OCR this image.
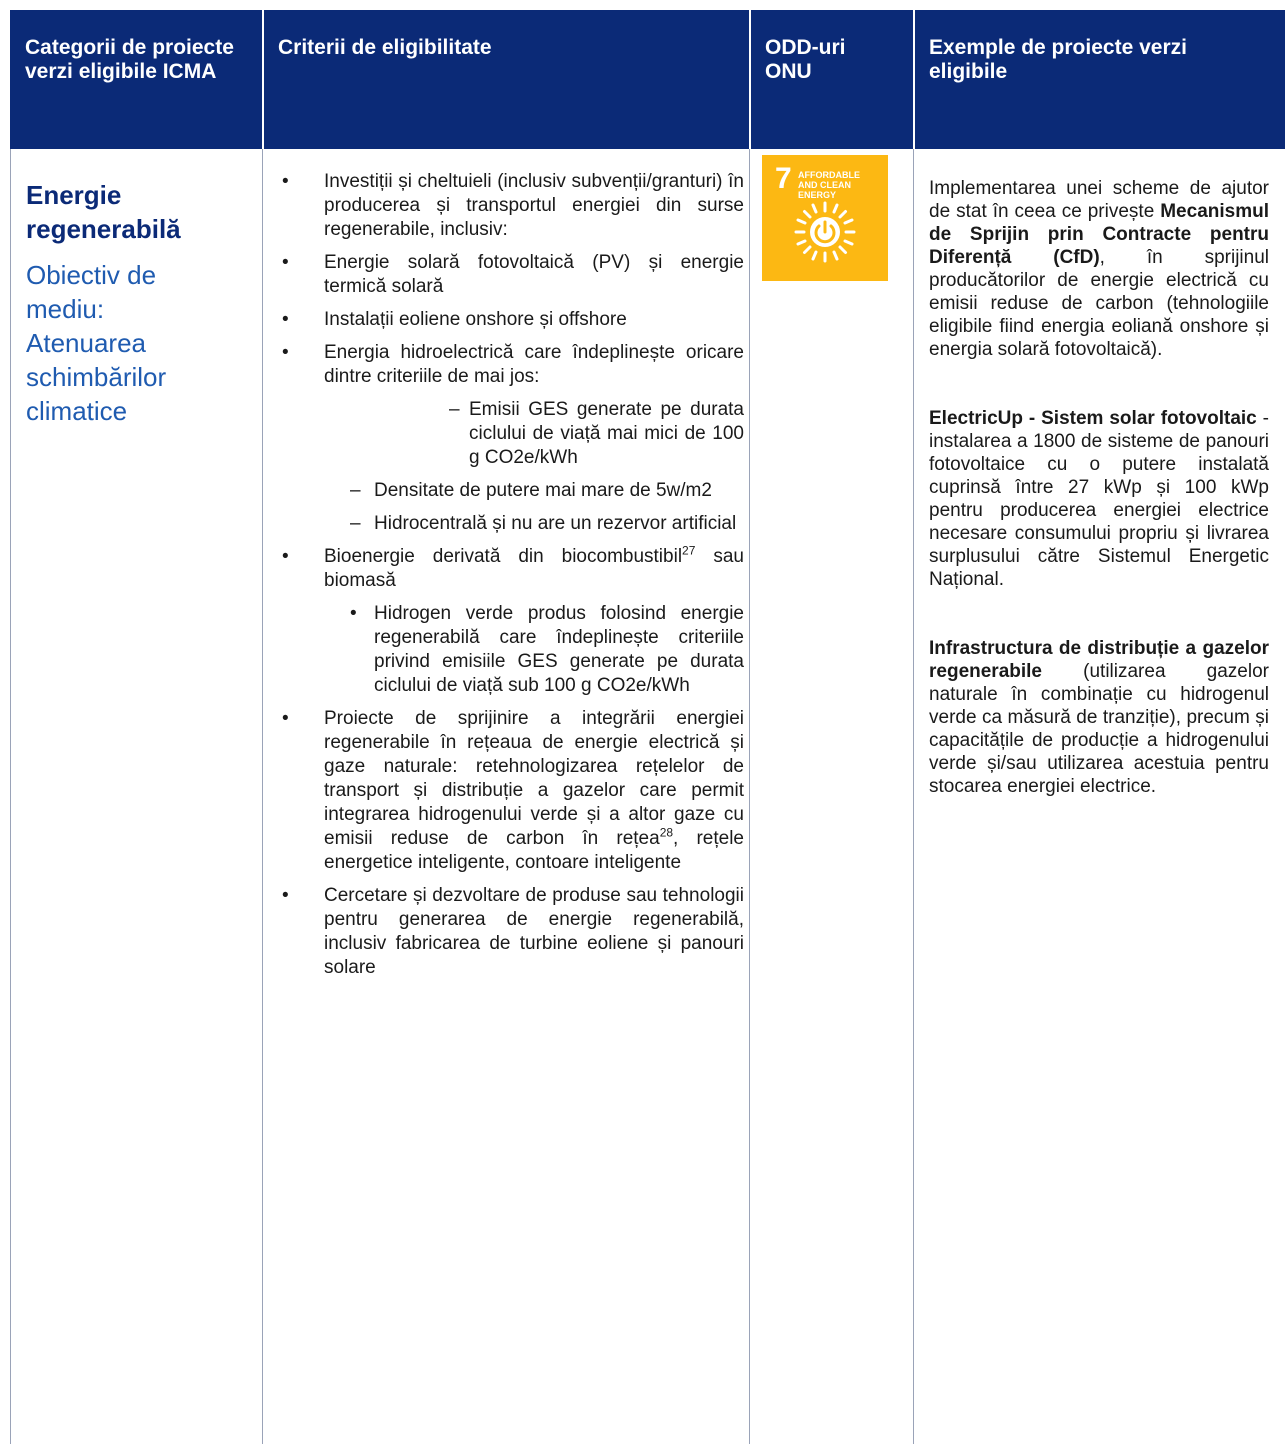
Categorii de proiecte verzi eligibile ICMA
Criterii de eligibilitate	ODD-uri ONU
Exemple de proiecte verzi eligibile
Energie regenerabilă
Obiectiv de
mediu:
Atenuarea schimbărilor climatice
• Investiții și cheltuieli (inclusiv subvenții/granturi) în producerea și transportul energiei din surse regenerabile, inclusiv:
• Energie solară fotovoltaică (PV) și energie termică solară
• Instalații eoliene onshore și offshore
• Energia hidroelectrică care îndeplinește oricare dintre criteriile de mai jos:
– Emisii GES generate pe durata ciclului de viață mai mici de 100 g CO2e/kWh
– Densitate de putere mai mare de 5w/m2
– Hidrocentrală și nu are un rezervor artificial
• Bioenergie derivată din biocombustibil$^{27}$ sau biomasă
• Hidrogen verde produs folosind energie regenerabilă care îndeplinește criteriile privind emisiile GES generate pe durata ciclului de viață sub 100 g CO2e/kWh
• Proiecte de sprijinire a integrării energiei regenerabile în rețeaua de energie electrică și gaze naturale: retehnologizarea rețelelor de transport și distribuție a gazelor care permit integrarea hidrogenului verde și a altor gaze cu emisii reduse de carbon în rețea$^{28}$, rețele energetice inteligente, contoare inteligente
• Cercetare și dezvoltare de produse sau tehnologii pentru generarea de energie regenerabilă, inclusiv fabricarea de turbine eoliene și panouri solare
7 AFFORDABLE AND CLEAN ENERGY	Implementarea unei scheme de ajutor de stat în ceea ce privește Mecanismul de Sprijin prin Contracte pentru Diferență (CfD), în sprijinul producătorilor de energie electrică cu emisii reduse de carbon (tehnologiile eligibile fiind energia eoliană onshore și energia solară fotovoltaică).

ElectricUp - Sistem solar fotovoltaic - instalarea a 1800 de sisteme de panouri fotovoltaice cu o putere instalată cuprinsă între 27 kWp și 100 kWp pentru producerea energiei electrice necesare consumului propriu și livrarea surplusului către Sistemul Energetic Național.

Infrastructura de distribuție a gazelor regenerabile (utilizarea gazelor naturale în combinație cu hidrogenul verde ca măsură de tranziție), precum și capacitățile de producție a hidrogenului verde și/sau utilizarea acestuia pentru stocarea energiei electrice.
